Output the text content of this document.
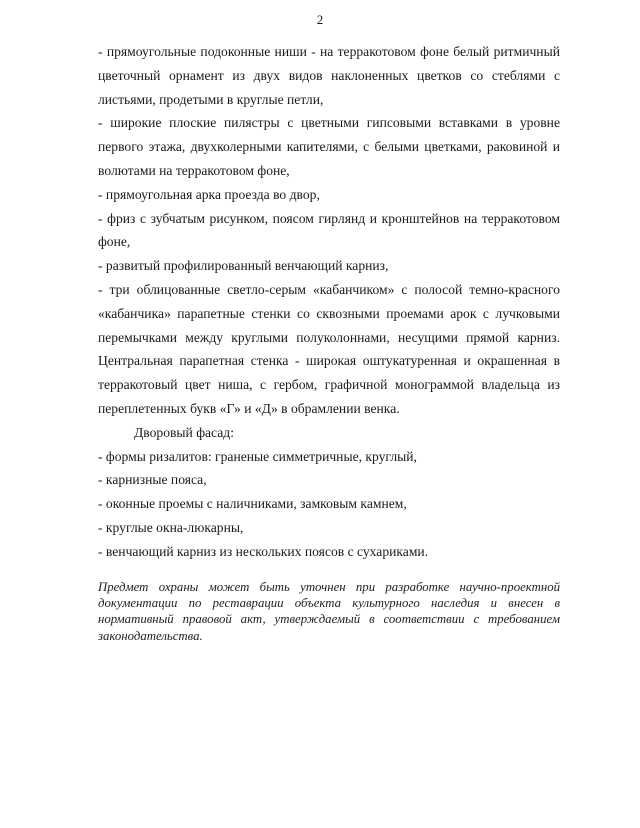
2

- прямоугольные подоконные ниши - на терракотовом фоне белый ритмичный цветочный орнамент из двух видов наклоненных цветков со стеблями с листьями, продетыми в круглые петли,

- широкие плоские пилястры с цветными гипсовыми вставками в уровне первого этажа, двухколерными капителями, с белыми цветками, раковиной и волютами на терракотовом фоне,

- прямоугольная арка проезда во двор,

- фриз с зубчатым рисунком, поясом гирлянд и кронштейнов на терракотовом фоне,

- развитый профилированный венчающий карниз,

- три облицованные светло-серым «кабанчиком» с полосой темно-красного «кабанчика» парапетные стенки со сквозными проемами арок с лучковыми перемычками между круглыми полуколоннами, несущими прямой карниз. Центральная парапетная стенка - широкая оштукатуренная и окрашенная в терракотовый цвет ниша, с гербом, графичной монограммой владельца из переплетенных букв «Г» и «Д» в обрамлении венка.

Дворовый фасад:

- формы ризалитов: граненые симметричные, круглый,

- карнизные пояса,

- оконные проемы с наличниками, замковым камнем,

- круглые окна-люкарны,

- венчающий карниз из нескольких поясов с сухариками.

Предмет охраны может быть уточнен при разработке научно-проектной документации по реставрации объекта культурного наследия и внесен в нормативный правовой акт, утверждаемый в соответствии с требованием законодательства.
